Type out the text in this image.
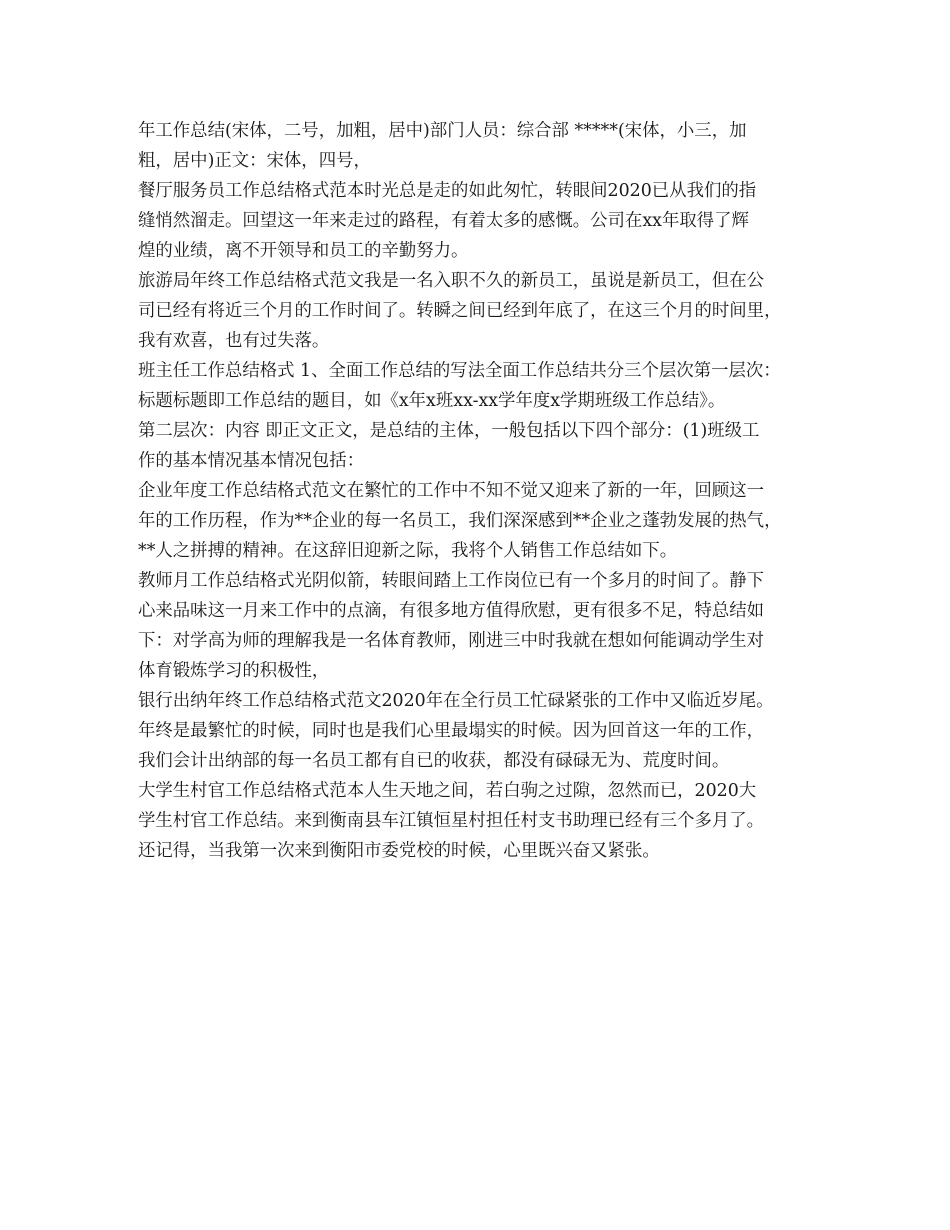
年工作总结(宋体，二号，加粗，居中)部门人员：综合部 *****(宋体，小三，加
粗，居中)正文：宋体，四号，

餐厅服务员工作总结格式范本时光总是走的如此匆忙，转眼间2020已从我们的指
缝悄然溜走。回望这一年来走过的路程，有着太多的感慨。公司在xx年取得了辉
煌的业绩，离不开领导和员工的辛勤努力。

旅游局年终工作总结格式范文我是一名入职不久的新员工，虽说是新员工，但在公
司已经有将近三个月的工作时间了。转瞬之间已经到年底了，在这三个月的时间里，
我有欢喜，也有过失落。

班主任工作总结格式 1、全面工作总结的写法全面工作总结共分三个层次第一层次：
标题标题即工作总结的题目，如《x年x班xx-xx学年度x学期班级工作总结》。
第二层次：内容 即正文正文，是总结的主体，一般包括以下四个部分：(1)班级工
作的基本情况基本情况包括：

企业年度工作总结格式范文在繁忙的工作中不知不觉又迎来了新的一年，回顾这一
年的工作历程，作为**企业的每一名员工，我们深深感到**企业之蓬勃发展的热气，
**人之拼搏的精神。在这辞旧迎新之际，我将个人销售工作总结如下。

教师月工作总结格式光阴似箭，转眼间踏上工作岗位已有一个多月的时间了。静下
心来品味这一月来工作中的点滴，有很多地方值得欣慰，更有很多不足，特总结如
下：对学高为师的理解我是一名体育教师，刚进三中时我就在想如何能调动学生对
体育锻炼学习的积极性，

银行出纳年终工作总结格式范文2020年在全行员工忙碌紧张的工作中又临近岁尾。
年终是最繁忙的时候，同时也是我们心里最塌实的时候。因为回首这一年的工作，
我们会计出纳部的每一名员工都有自已的收获，都没有碌碌无为、荒度时间。

大学生村官工作总结格式范本人生天地之间，若白驹之过隙，忽然而已，2020大
学生村官工作总结。来到衡南县车江镇恒星村担任村支书助理已经有三个多月了。
还记得，当我第一次来到衡阳市委党校的时候，心里既兴奋又紧张。
